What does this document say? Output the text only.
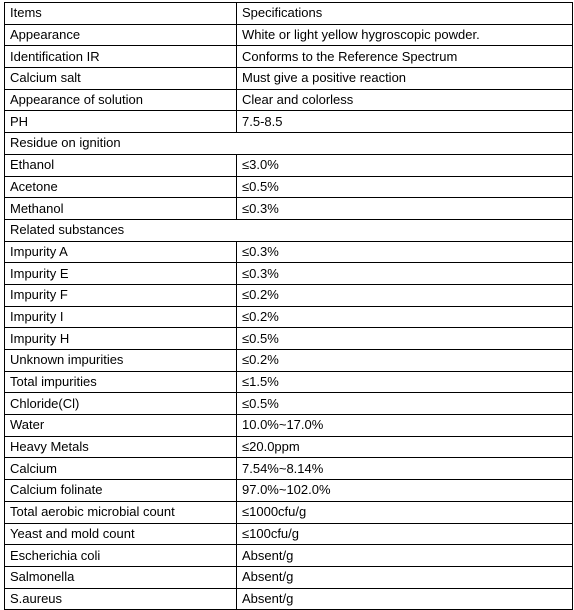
Items	Specifications
Appearance	White or light yellow hygroscopic powder.
Identification IR	Conforms to the Reference Spectrum
Calcium salt	Must give a positive reaction
Appearance of solution	Clear and colorless
PH	7.5-8.5
Residue on ignition	
Ethanol	≤3.0%
Acetone	≤0.5%
Methanol	≤0.3%
Related substances	
Impurity A	≤0.3%
Impurity E	≤0.3%
Impurity F	≤0.2%
Impurity I	≤0.2%
Impurity H	≤0.5%
Unknown impurities	≤0.2%
Total impurities	≤1.5%
Chloride(Cl)	≤0.5%
Water	10.0%~17.0%
Heavy Metals	≤20.0ppm
Calcium	7.54%~8.14%
Calcium folinate	97.0%~102.0%
Total aerobic microbial count	≤1000cfu/g
Yeast and mold count	≤100cfu/g
Escherichia coli	Absent/g
Salmonella	Absent/g
S.aureus	Absent/g
